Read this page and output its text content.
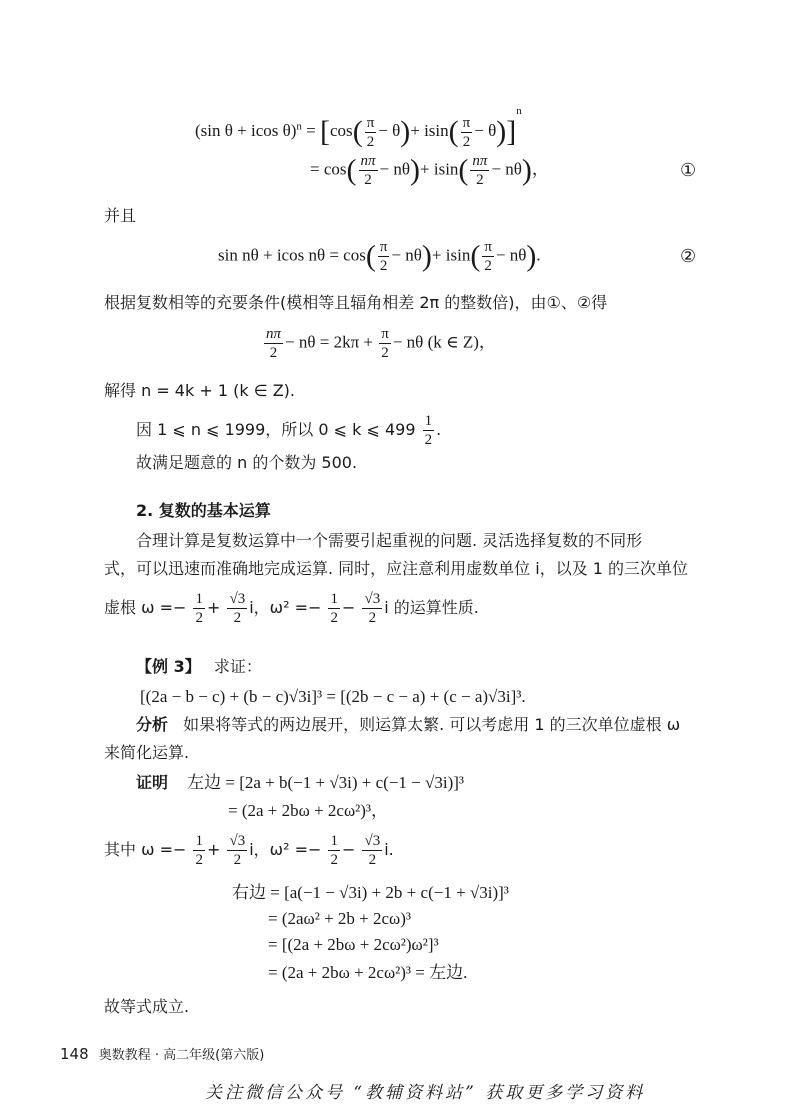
(sin θ + icos $\theta)^n = [\cos( \frac{\pi}{2} - \theta)+ isin( \frac{\pi}{2} - \theta)]^n$
= $\cos( \frac{n\pi}{2} - n\theta)+ isin( \frac{n\pi}{2} - n\theta)$，	①
并且
sin nθ + icos $n\theta = \cos( \frac{\pi}{2} - n\theta)+ isin( \frac{\pi}{2} - n\theta)$.	②
根据复数相等的充要条件(模相等且辐角相差 2π 的整数倍)，由①、②得
$\frac{n\pi}{2} - n\theta = 2k\pi + \frac{\pi}{2} - n\theta$ (k ∈ Z)，
解得 n = 4k + 1 (k ∈ Z).
因 1 ⩽ n ⩽ 1999，所以 0 ⩽ k ⩽ $499 \frac{1}{2}$ .
故满足题意的 n 的个数为 500.
2. 复数的基本运算
合理计算是复数运算中一个需要引起重视的问题. 灵活选择复数的不同形
式，可以迅速而准确地完成运算. 同时，应注意利用虚数单位 i，以及 1 的三次单位
虚根 $\omega =- \frac{1}{2} + \frac{√3}{2}$ i，$\omega^2 =- \frac{1}{2} - \frac{√3}{2}$ i 的运算性质.
【例 3】 求证：
[(2a − b − c) + (b − c)√3i]³ = [(2b − c − a) + (c − a)√3i]³.
分析 如果将等式的两边展开，则运算太繁. 可以考虑用 1 的三次单位虚根 ω
来简化运算.
证明 左边 = [2a + b(−1 + √3i) + c(−1 − √3i)]³
= (2a + 2bω + 2cω²)³，
其中 $\omega =- \frac{1}{2} + \frac{√3}{2}$ i，$\omega^2 =- \frac{1}{2} - \frac{√3}{2} i$.
右边 = [a(−1 − √3i) + 2b + c(−1 + √3i)]³
= (2aω² + 2b + 2cω)³
= [(2a + 2bω + 2cω²)ω²]³
= (2a + 2bω + 2cω²)³ = 左边.
故等式成立.
148 奥数教程 · 高二年级(第六版)
关注微信公众号 “教辅资料站” 获取更多学习资料
